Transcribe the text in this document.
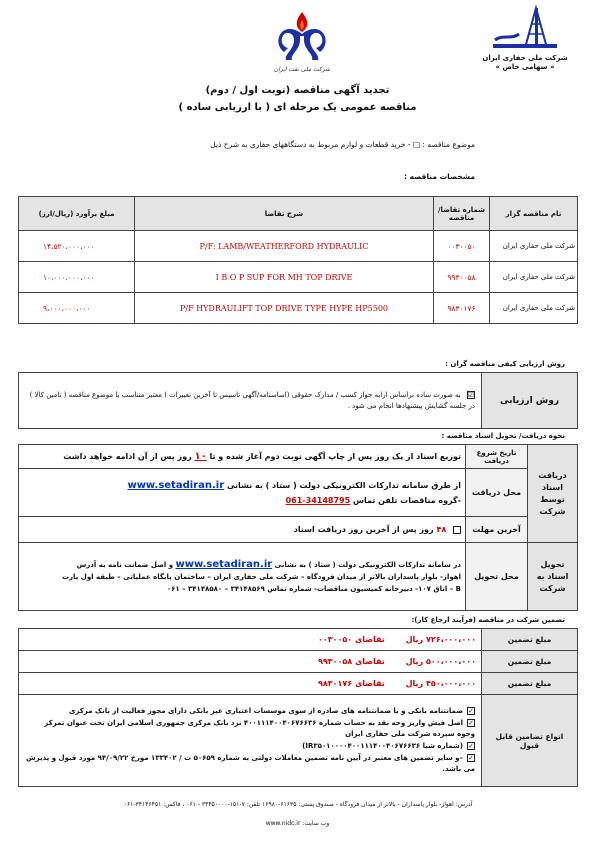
شرکت ملی نفت ایران
شرکت ملی حفاری ایران
« سهامی خاص »
تجدید آگهی مناقصه (نوبت اول / دوم)
مناقصه عمومی یک مرحله ای ( با ارزیابی ساده )
موضوع مناقصه : □ - خرید قطعات و لوازم مربوط به دستگاههای حفاری به شرح ذیل
مشخصات مناقصه :
نام مناقصه گزار	شماره تقاضا/ مناقصه	شرح تقاضا	مبلغ برآورد (ریال/ارز)
شرکت ملی حفاری ایران	۰۰۳۰۰۵۰	P/F: LAMB/WEATHERFORD HYDRAULIC	۱۴،۵۲۰،۰۰۰،۰۰۰
شرکت ملی حفاری ایران	۹۹۳۰۰۵۸	I B O P SUP FOR MH TOP DRIVE	۱۰،۰۰۰،۰۰۰،۰۰۰
شرکت ملی حفاری ایران	۹۸۳۰۱۷۶	P/F HYDRAULIFT TOP DRIVE TYPE HYPE HP5500	۹،۰۰۰،۰۰۰،۰۰۰
روش ارزیابی کیفی مناقصه گران :
روش ارزیابی	☑ به صورت ساده براساس ارایه جواز کسب / مدارک حقوقی (اساسنامه/آگهی تاسیس تا آخرین تغییرات ) معتبر متناسب با موضوع مناقصه ( تامین کالا ) در جلسه گشایش پیشنهادها انجام می شود .
نحوه دریافت/ تحویل اسناد مناقصه :
دریافت اسناد توسط شرکت	تاریخ شروع دریافت	توزیع اسناد از یک روز پس از چاپ آگهی نوبت دوم آغاز شده و تا ۱۰ روز پس از آن ادامه خواهد داشت
	محل دریافت	از طرق سامانه تدارکات الکترونیکی دولت ( ستاد ) به نشانی www.setadiran.ir
-گروه مناقصات تلفن تماس 061-34148795
	آخرین مهلت	۴۸ روز پس از آخرین روز دریافت اسناد
تحویل اسناد به شرکت	محل تحویل	در سامانه تدارکات الکترونیکی دولت ( ستاد ) به نشانی www.setadiran.ir و اصل ضمانت نامه به آدرس
اهواز- بلوار پاسداران بالاتر از میدان فرودگاه – شرکت ملی حفاری ایران – ساختمان پایگاه عملیاتی – طبقه اول پارت
B – اتاق ۱۰۷- دبیرخانه کمیسیون مناقصات- شماره تماس ۳۴۱۴۸۵۶۹ – ۳۴۱۴۸۵۸۰ – ۰۶۱
تضمین شرکت در مناقصه (فرآیند ارجاع کار):
مبلغ تضمین	۷۲۶،۰۰۰،۰۰۰ ریال تقاضای ۰۰۳۰۰۵۰
مبلغ تضمین	۵۰۰،۰۰۰،۰۰۰ ریال تقاضای ۹۹۳۰۰۵۸
مبلغ تضمین	۴۵۰،۰۰۰،۰۰۰ ریال تقاضای ۹۸۳۰۱۷۶
انواع تضامین قابل قبول	✓ضمانتنامه بانکی و یا ضمانتنامه های صادره از سوی موسسات اعتباری غیر بانکی دارای مجوز فعالیت از بانک مرکزی
✓اصل فیش واریز وجه نقد به حساب شماره ۴۰۰۱۱۱۴۰۰۴۰۶۷۶۶۳۶ نزد بانک مرکزی جمهوری اسلامی ایران تحت عنوان تمرکز وجوه سپرده شرکت ملی حفاری ایران
✓(شماره شبا IR۳۵۰۱۰۰۰۰۴۰۰۱۱۱۴۰۰۴۰۶۷۶۶۳۶)
✓–و سایر تضمین های معتبر در آیین نامه تضمین معاملات دولتی به شماره ۵۰۶۵۹ ت / ۱۳۳۴۰۲ مورخ ۹۴/۰۹/۲۲ مورد قبول و پذیرش می باشد.
آدرس: اهواز- بلوار پاسداران - بالاتر از میدان فرودگاه - صندوق پستی: ۶۱۶۳۵-۱۶۹۸۰ تلفن: ۷-۱۵۱-۳۴۴۵۰۰۰۰ - ۰۶۱ ، فاکس: ۳۴۱۴۶۴۵۱-۰۶۱
وب سایت: www.nidc.ir
